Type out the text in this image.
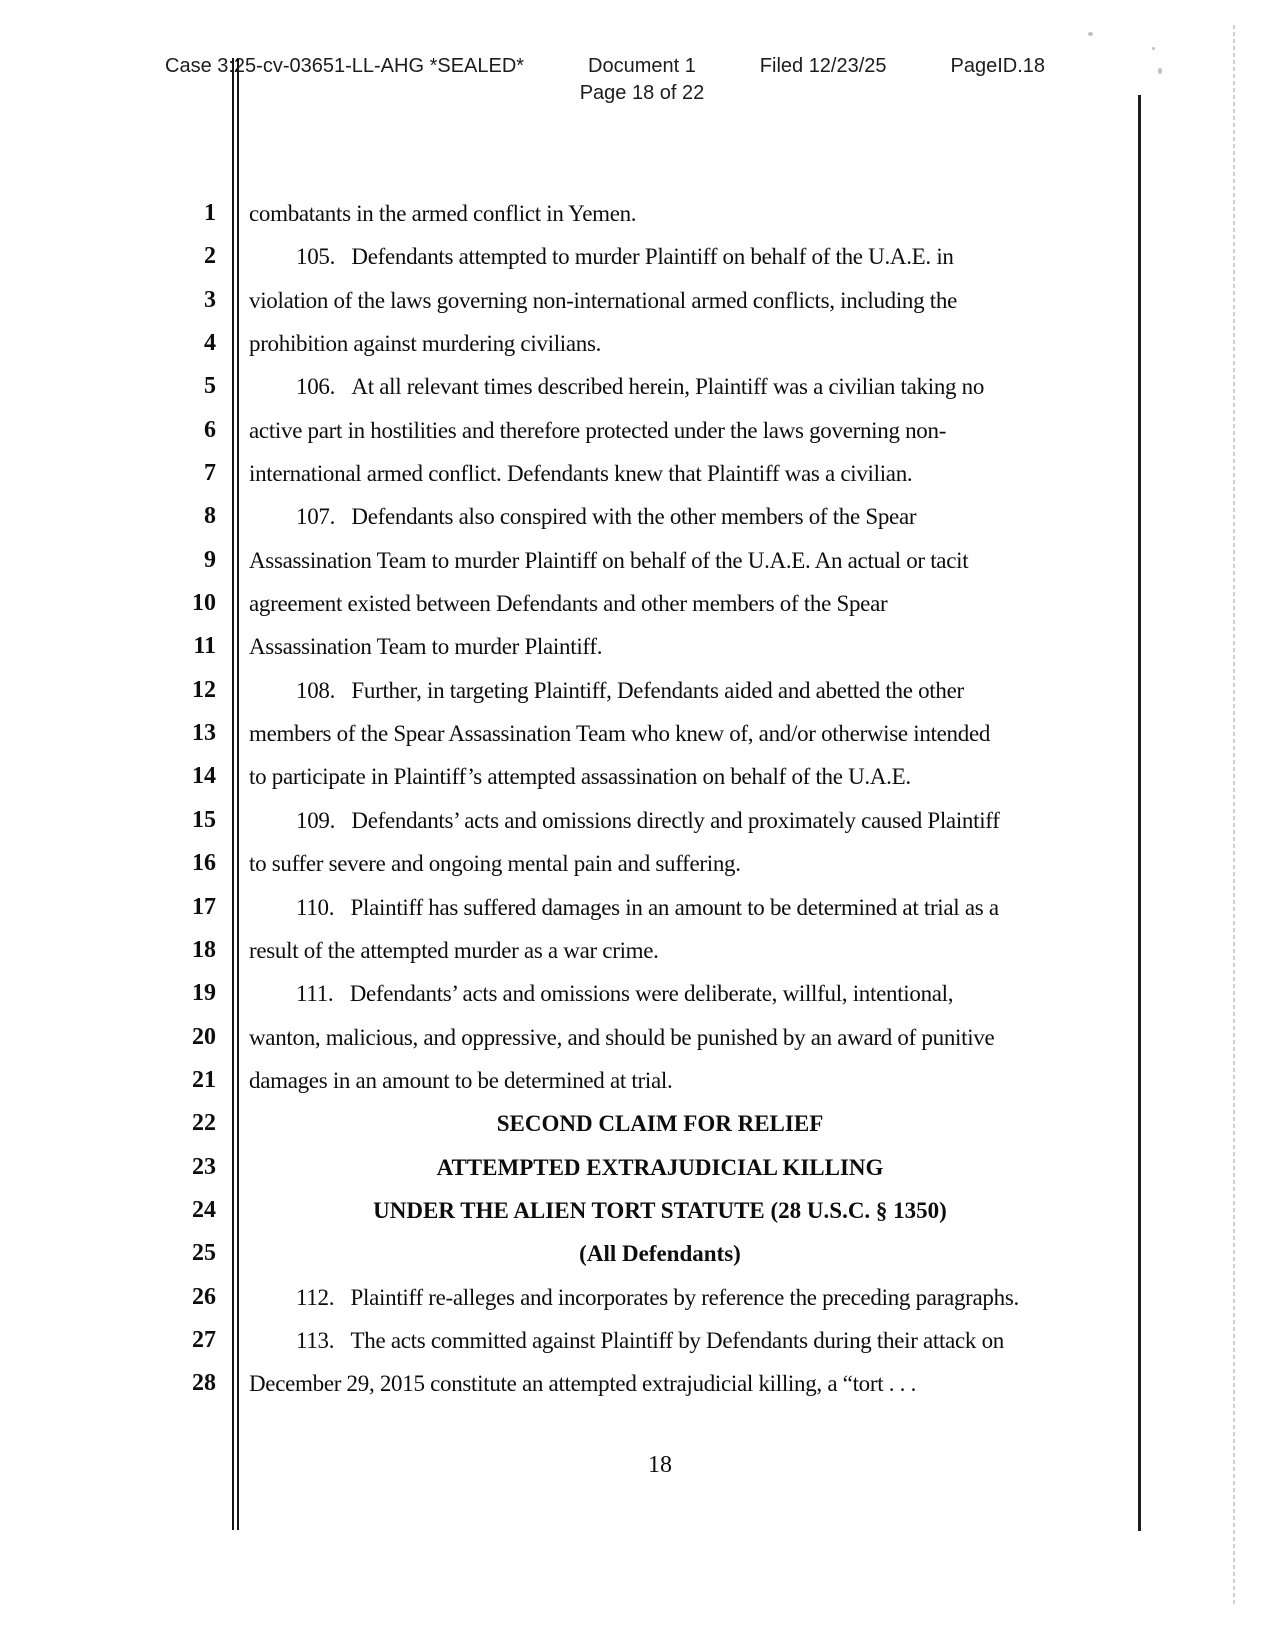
Case 3:25-cv-03651-LL-AHG *SEALED*	Document 1	Filed 12/23/25	PageID.18
Page 18 of 22
1
2
3
4
5
6
7
8
9
10
11
12
13
14
15
16
17
18
19
20
21
22
23
24
25
26
27
28
combatants in the armed conflict in Yemen.
105.   Defendants attempted to murder Plaintiff on behalf of the U.A.E. in
violation of the laws governing non-international armed conflicts, including the
prohibition against murdering civilians.
106.   At all relevant times described herein, Plaintiff was a civilian taking no
active part in hostilities and therefore protected under the laws governing non-
international armed conflict. Defendants knew that Plaintiff was a civilian.
107.   Defendants also conspired with the other members of the Spear
Assassination Team to murder Plaintiff on behalf of the U.A.E. An actual or tacit
agreement existed between Defendants and other members of the Spear
Assassination Team to murder Plaintiff.
108.   Further, in targeting Plaintiff, Defendants aided and abetted the other
members of the Spear Assassination Team who knew of, and/or otherwise intended
to participate in Plaintiff’s attempted assassination on behalf of the U.A.E.
109.   Defendants’ acts and omissions directly and proximately caused Plaintiff
to suffer severe and ongoing mental pain and suffering.
110.   Plaintiff has suffered damages in an amount to be determined at trial as a
result of the attempted murder as a war crime.
111.   Defendants’ acts and omissions were deliberate, willful, intentional,
wanton, malicious, and oppressive, and should be punished by an award of punitive
damages in an amount to be determined at trial.
SECOND CLAIM FOR RELIEF
ATTEMPTED EXTRAJUDICIAL KILLING
UNDER THE ALIEN TORT STATUTE (28 U.S.C. § 1350)
(All Defendants)
112.   Plaintiff re-alleges and incorporates by reference the preceding paragraphs.
113.   The acts committed against Plaintiff by Defendants during their attack on
December 29, 2015 constitute an attempted extrajudicial killing, a “tort . . .
18
